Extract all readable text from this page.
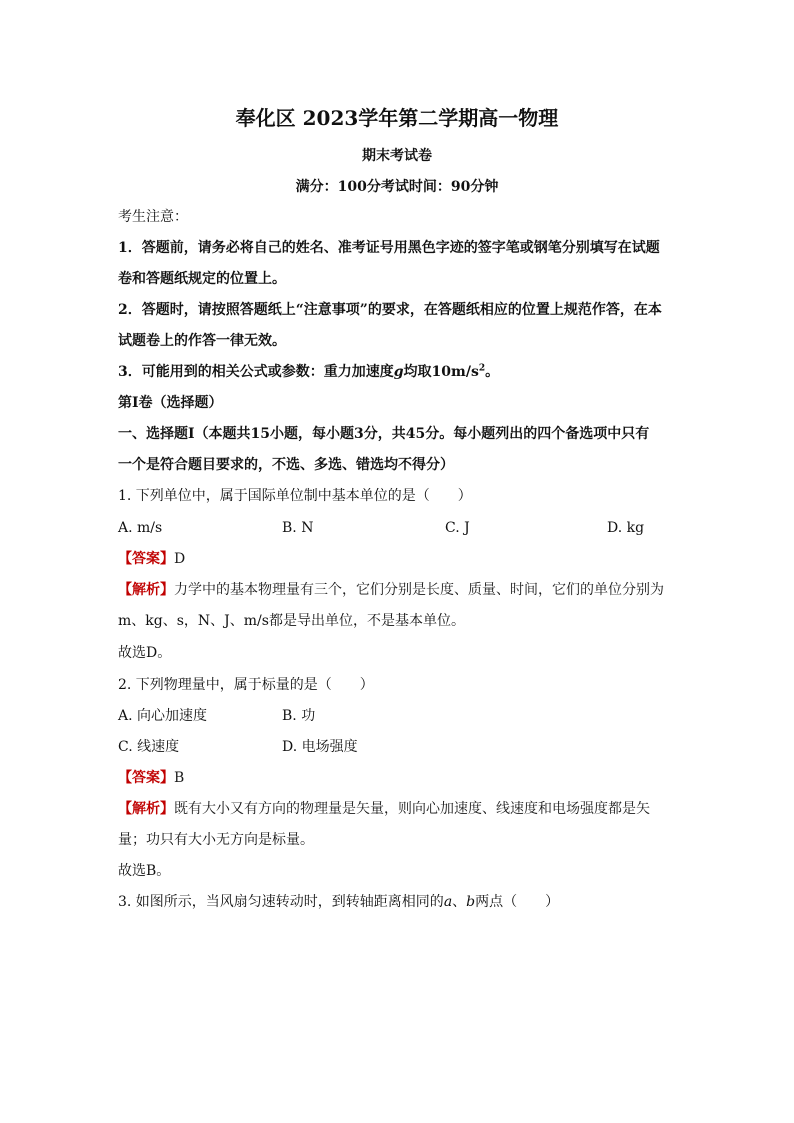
奉化区 2023学年第二学期高一物理
期末考试卷
满分：100分考试时间：90分钟
考生注意：
1．答题前，请务必将自己的姓名、准考证号用黑色字迹的签字笔或钢笔分别填写在试题
卷和答题纸规定的位置上。
2．答题时，请按照答题纸上“注意事项”的要求，在答题纸相应的位置上规范作答，在本
试题卷上的作答一律无效。
3．可能用到的相关公式或参数：重力加速度g均取$10m/s^2$。
第I卷（选择题）
一、选择题I（本题共15小题，每小题3分，共45分。每小题列出的四个备选项中只有
一个是符合题目要求的，不选、多选、错选均不得分）
1. 下列单位中，属于国际单位制中基本单位的是（　　）
A. m/s	B. N	C. J	D. kg
【答案】D
【解析】力学中的基本物理量有三个，它们分别是长度、质量、时间，它们的单位分别为
m、kg、s，N、J、m/s都是导出单位，不是基本单位。
故选D。
2. 下列物理量中，属于标量的是（　　）
A. 向心加速度	B. 功
C. 线速度	D. 电场强度
【答案】B
【解析】既有大小又有方向的物理量是矢量，则向心加速度、线速度和电场强度都是矢
量；功只有大小无方向是标量。
故选B。
3. 如图所示，当风扇匀速转动时，到转轴距离相同的a、b两点（　　）
